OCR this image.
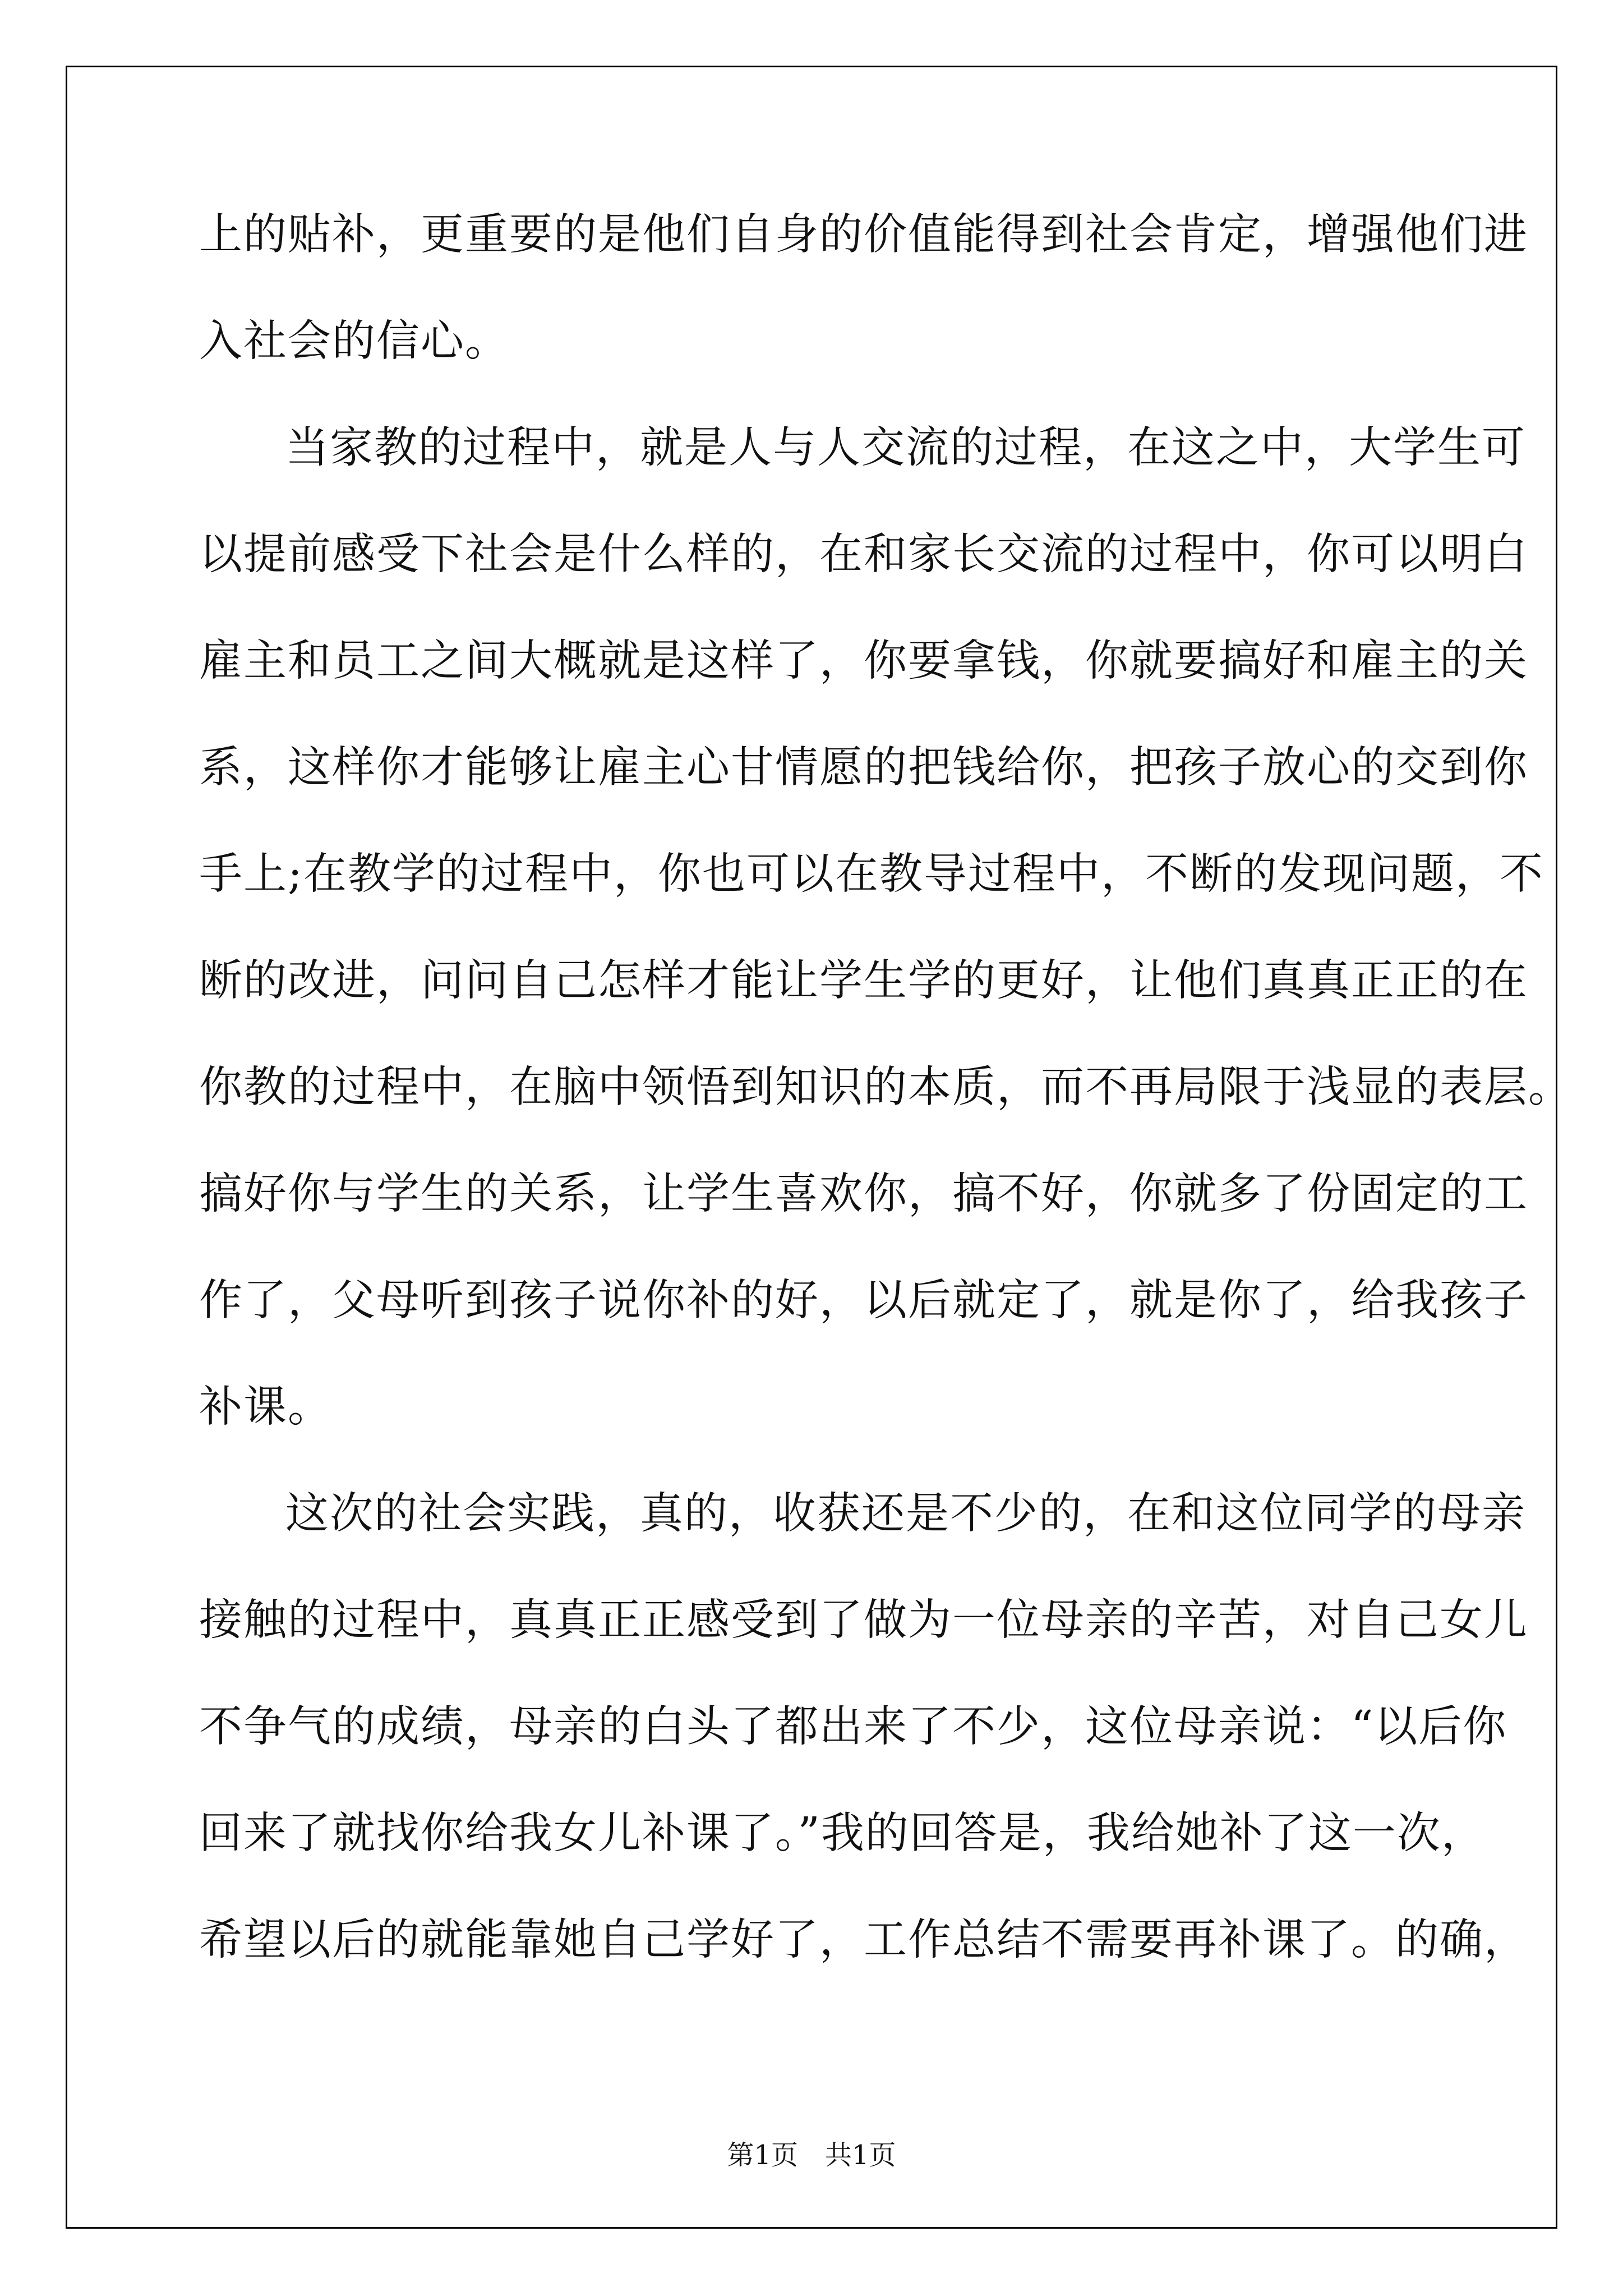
上的贴补，更重要的是他们自身的价值能得到社会肯定，增强他们进
入社会的信心。
当家教的过程中，就是人与人交流的过程，在这之中，大学生可
以提前感受下社会是什么样的，在和家长交流的过程中，你可以明白
雇主和员工之间大概就是这样了，你要拿钱，你就要搞好和雇主的关
系，这样你才能够让雇主心甘情愿的把钱给你，把孩子放心的交到你
手上;在教学的过程中，你也可以在教导过程中，不断的发现问题，不
断的改进，问问自己怎样才能让学生学的更好，让他们真真正正的在
你教的过程中，在脑中领悟到知识的本质，而不再局限于浅显的表层。
搞好你与学生的关系，让学生喜欢你，搞不好，你就多了份固定的工
作了，父母听到孩子说你补的好，以后就定了，就是你了，给我孩子
补课。
这次的社会实践，真的，收获还是不少的，在和这位同学的母亲
接触的过程中，真真正正感受到了做为一位母亲的辛苦，对自己女儿
不争气的成绩，母亲的白头了都出来了不少，这位母亲说：“以后你
回来了就找你给我女儿补课了。”我的回答是，我给她补了这一次，
希望以后的就能靠她自己学好了，工作总结不需要再补课了。的确，
第1页　共1页
